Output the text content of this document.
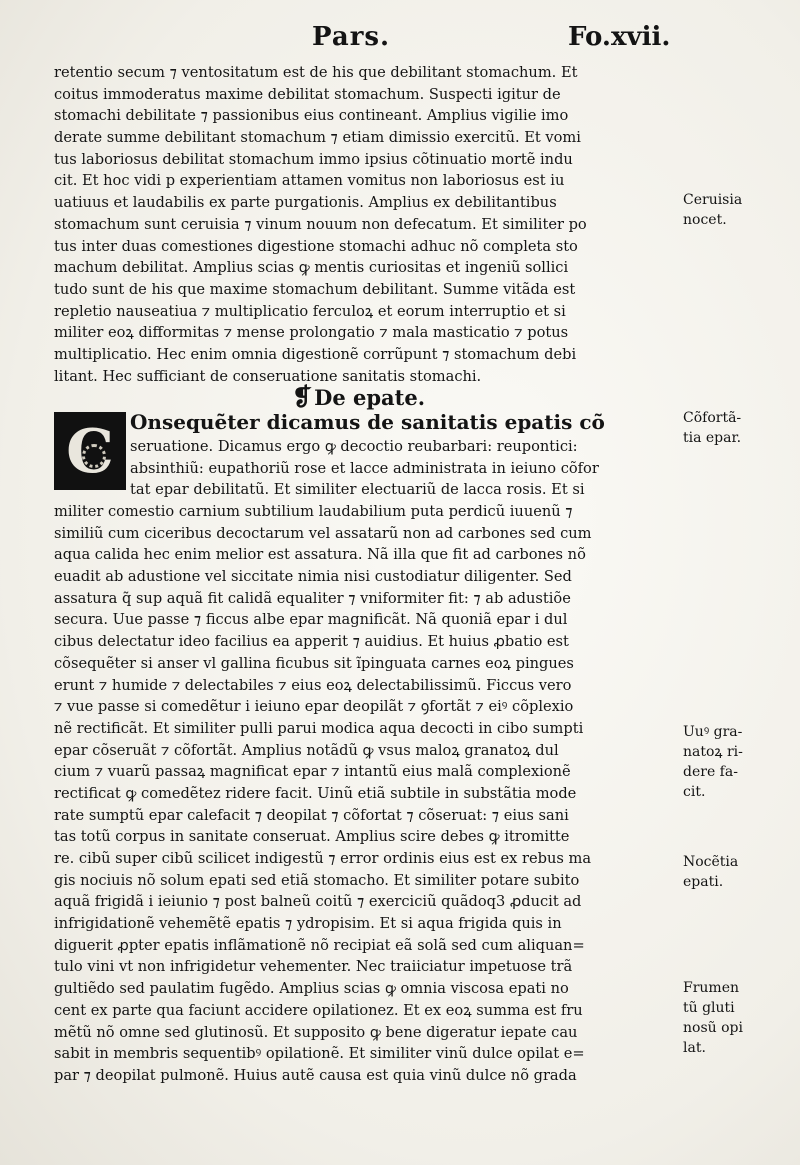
Pars.	Fo.xvii.
retentio secum ⁊ ventositatum est de his que debilitant stomachum. Et
coitus immoderatus maxime debilitat stomachum. Suspecti igitur de
stomachi debilitate ⁊ passionibus eius contineant. Amplius vigilie imo
derate summe debilitant stomachum ⁊ etiam dimissio exercitũ. Et vomi
tus laboriosus debilitat stomachum immo ipsius cõtinuatio mortẽ indu
cit. Et hoc vidi p experientiam attamen vomitus non laboriosus est iu
uatiuus et laudabilis ex parte purgationis. Amplius ex debilitantibus
stomachum sunt ceruisia ⁊ vinum nouum non defecatum. Et similiter po
tus inter duas comestiones digestione stomachi adhuc nõ completa sto
machum debilitat. Amplius scias ꝙ mentis curiositas et ingeniũ sollici
tudo sunt de his que maxime stomachum debilitant. Summe vitãda est
repletio nauseatiua ⁊ multiplicatio ferculoꝝ et eorum interruptio et si
militer eoꝝ difformitas ⁊ mense prolongatio ⁊ mala masticatio ⁊ potus
multiplicatio. Hec enim omnia digestionẽ corrũpunt ⁊ stomachum debi
litant. Hec sufficiant de conseruatione sanitatis stomachi.
❡De epate.
C Onsequẽter dicamus de sanitatis epatis cõ
seruatione. Dicamus ergo ꝙ decoctio reubarbari: reupontici:
absinthiũ: eupathoriũ rose et lacce administrata in ieiuno cõfor
tat epar debilitatũ. Et similiter electuariũ de lacca rosis. Et si
militer comestio carnium subtilium laudabilium puta perdicũ iuuenũ ⁊
similiũ cum ciceribus decoctarum vel assatarũ non ad carbones sed cum
aqua calida hec enim melior est assatura. Nã illa que fit ad carbones nõ
euadit ab adustione vel siccitate nimia nisi custodiatur diligenter. Sed
assatura q̃ sup aquã fit calidã equaliter ⁊ vniformiter fit: ⁊ ab adustiõe
secura. Uue passe ⁊ ficcus albe epar magnificãt. Nã quoniã epar i dul
cibus delectatur ideo facilius ea apperit ⁊ auidius. Et huius ꝓbatio est
cõsequẽter si anser vl gallina ficubus sit ĩpinguata carnes eoꝝ pingues
erunt ⁊ humide ⁊ delectabiles ⁊ eius eoꝝ delectabilissimũ. Ficcus vero
⁊ vue passe si comedẽtur i ieiuno epar deopilãt ⁊ ꝯfortãt ⁊ eiꝰ cõplexio
nẽ rectificãt. Et similiter pulli parui modica aqua decocti in cibo sumpti
epar cõseruãt ⁊ cõfortãt. Amplius notãdũ ꝙ vsus maloꝝ granatoꝝ dul
cium ⁊ vuarũ passaꝝ magnificat epar ⁊ intantũ eius malã complexionẽ
rectificat ꝙ comedẽtez ridere facit. Uinũ etiã subtile in substãtia mode
rate sumptũ epar calefacit ⁊ deopilat ⁊ cõfortat ⁊ cõseruat: ⁊ eius sani
tas totũ corpus in sanitate conseruat. Amplius scire debes ꝙ itromitte
re. cibũ super cibũ scilicet indigestũ ⁊ error ordinis eius est ex rebus ma
gis nociuis nõ solum epati sed etiã stomacho. Et similiter potare subito
aquã frigidã i ieiunio ⁊ post balneũ coitũ ⁊ exerciciũ quãdoq3 ꝓducit ad
infrigidationẽ vehemẽtẽ epatis ⁊ ydropisim. Et si aqua frigida quis in
diguerit ꝓpter epatis inflãmationẽ nõ recipiat eã solã sed cum aliquan=
tulo vini vt non infrigidetur vehementer. Nec traiiciatur impetuose trã
gultiẽdo sed paulatim fugẽdo. Amplius scias ꝙ omnia viscosa epati no
cent ex parte qua faciunt accidere opilationez. Et ex eoꝝ summa est fru
mẽtũ nõ omne sed glutinosũ. Et supposito ꝙ bene digeratur iepate cau
sabit in membris sequentibꝰ opilationẽ. Et similiter vinũ dulce opilat e=
par ⁊ deopilat pulmonẽ. Huius autẽ causa est quia vinũ dulce nõ grada
Ceruisia
nocet.
Cõfortã-
tia epar.
Uuꝰ gra-
natoꝝ ri-
dere fa-
cit.
Nocẽtia
epati.
Frumen
tũ gluti
nosũ opi
lat.
